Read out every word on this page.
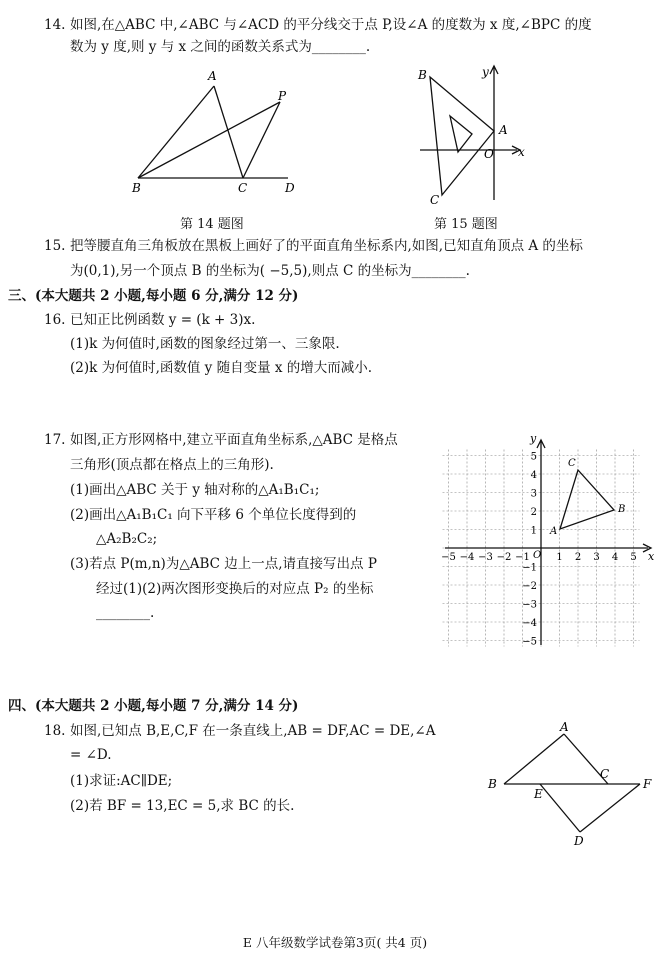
14. 如图,在△ABC 中,∠ABC 与∠ACD 的平分线交于点 P,设∠A 的度数为 x 度,∠BPC 的度
数为 y 度,则 y 与 x 之间的函数关系式为________.
A
P
B	C	D
第 14 题图
B
A
C
O x
y
第 15 题图
15. 把等腰直角三角板放在黑板上画好了的平面直角坐标系内,如图,已知直角顶点 A 的坐标
为(0,1),另一个顶点 B 的坐标为( −5,5),则点 C 的坐标为________.
三、(本大题共 2 小题,每小题 6 分,满分 12 分)
16. 已知正比例函数 y = (k + 3)x.
(1)k 为何值时,函数的图象经过第一、三象限.
(2)k 为何值时,函数值 y 随自变量 x 的增大而减小.
17. 如图,正方形网格中,建立平面直角坐标系,△ABC 是格点
三角形(顶点都在格点上的三角形).
(1)画出△ABC 关于 y 轴对称的△A₁B₁C₁;
(2)画出△A₁B₁C₁ 向下平移 6 个单位长度得到的
△A₂B₂C₂;
(3)若点 P(m,n)为△ABC 边上一点,请直接写出点 P
经过(1)(2)两次图形变换后的对应点 P₂ 的坐标
________.
−5 −4 −3 −2 −1	1 2 3 4 5
5
4
3
2
1
−1
−2
−3
−4
−5
O	x
y
A
B
C
四、(本大题共 2 小题,每小题 7 分,满分 14 分)
18. 如图,已知点 B,E,C,F 在一条直线上,AB = DF,AC = DE,∠A
= ∠D.
(1)求证:AC∥DE;
(2)若 BF = 13,EC = 5,求 BC 的长.
A
B
C
F
E
D
E 八年级数学试卷第3页( 共4 页)
